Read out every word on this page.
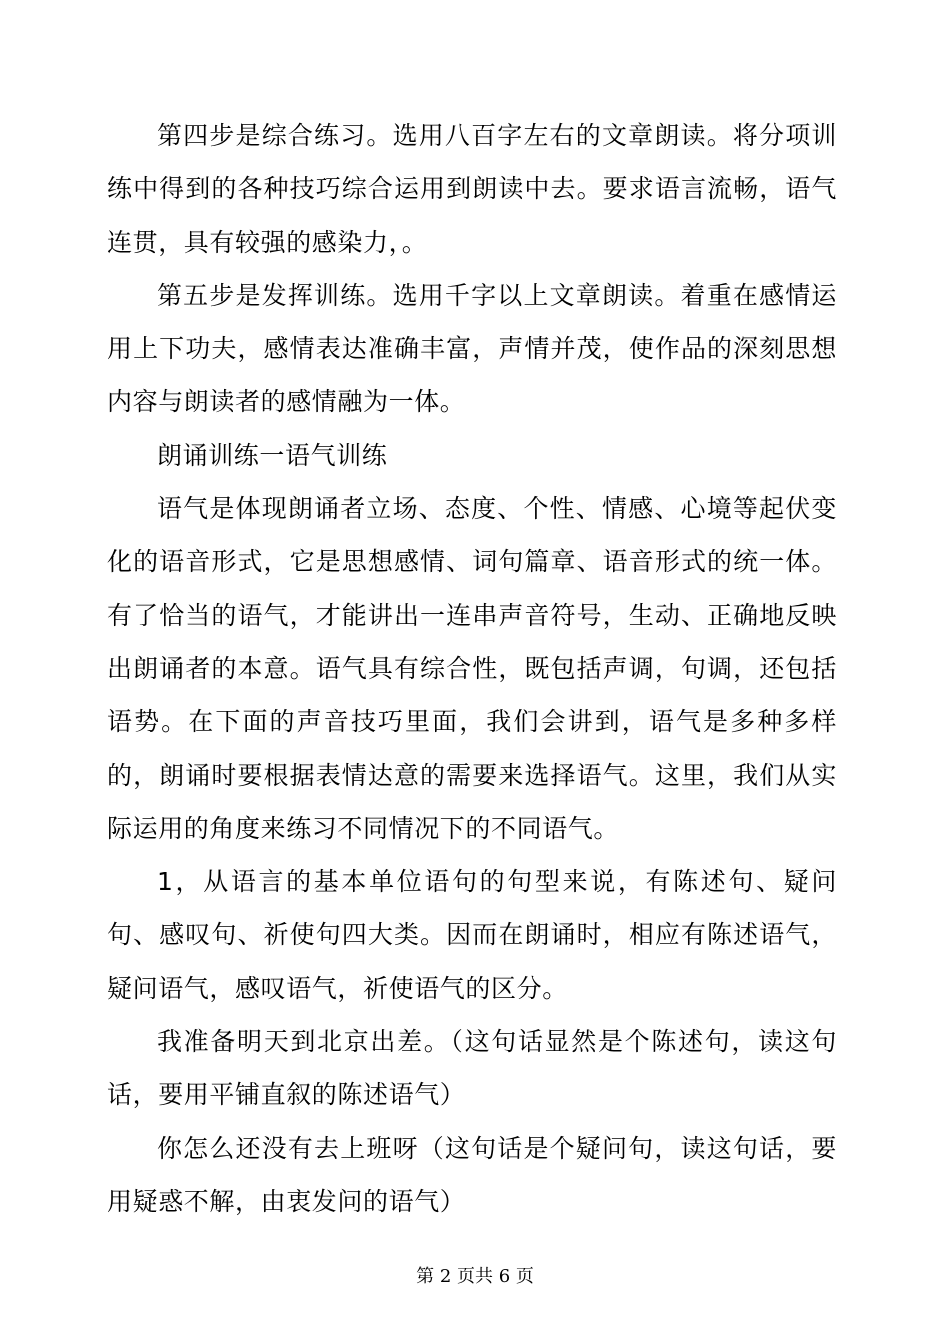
第四步是综合练习。选用八百字左右的文章朗读。将分项训练中得到的各种技巧综合运用到朗读中去。要求语言流畅，语气连贯，具有较强的感染力，。

第五步是发挥训练。选用千字以上文章朗读。着重在感情运用上下功夫，感情表达准确丰富，声情并茂，使作品的深刻思想内容与朗读者的感情融为一体。

朗诵训练一语气训练

语气是体现朗诵者立场、态度、个性、情感、心境等起伏变化的语音形式，它是思想感情、词句篇章、语音形式的统一体。有了恰当的语气，才能讲出一连串声音符号，生动、正确地反映出朗诵者的本意。语气具有综合性，既包括声调，句调，还包括语势。在下面的声音技巧里面，我们会讲到，语气是多种多样的，朗诵时要根据表情达意的需要来选择语气。这里，我们从实际运用的角度来练习不同情况下的不同语气。

1，从语言的基本单位语句的句型来说，有陈述句、疑问句、感叹句、祈使句四大类。因而在朗诵时，相应有陈述语气，疑问语气，感叹语气，祈使语气的区分。

我准备明天到北京出差。（这句话显然是个陈述句，读这句话，要用平铺直叙的陈述语气）

你怎么还没有去上班呀（这句话是个疑问句，读这句话，要用疑惑不解，由衷发问的语气）

第 2 页共 6 页
